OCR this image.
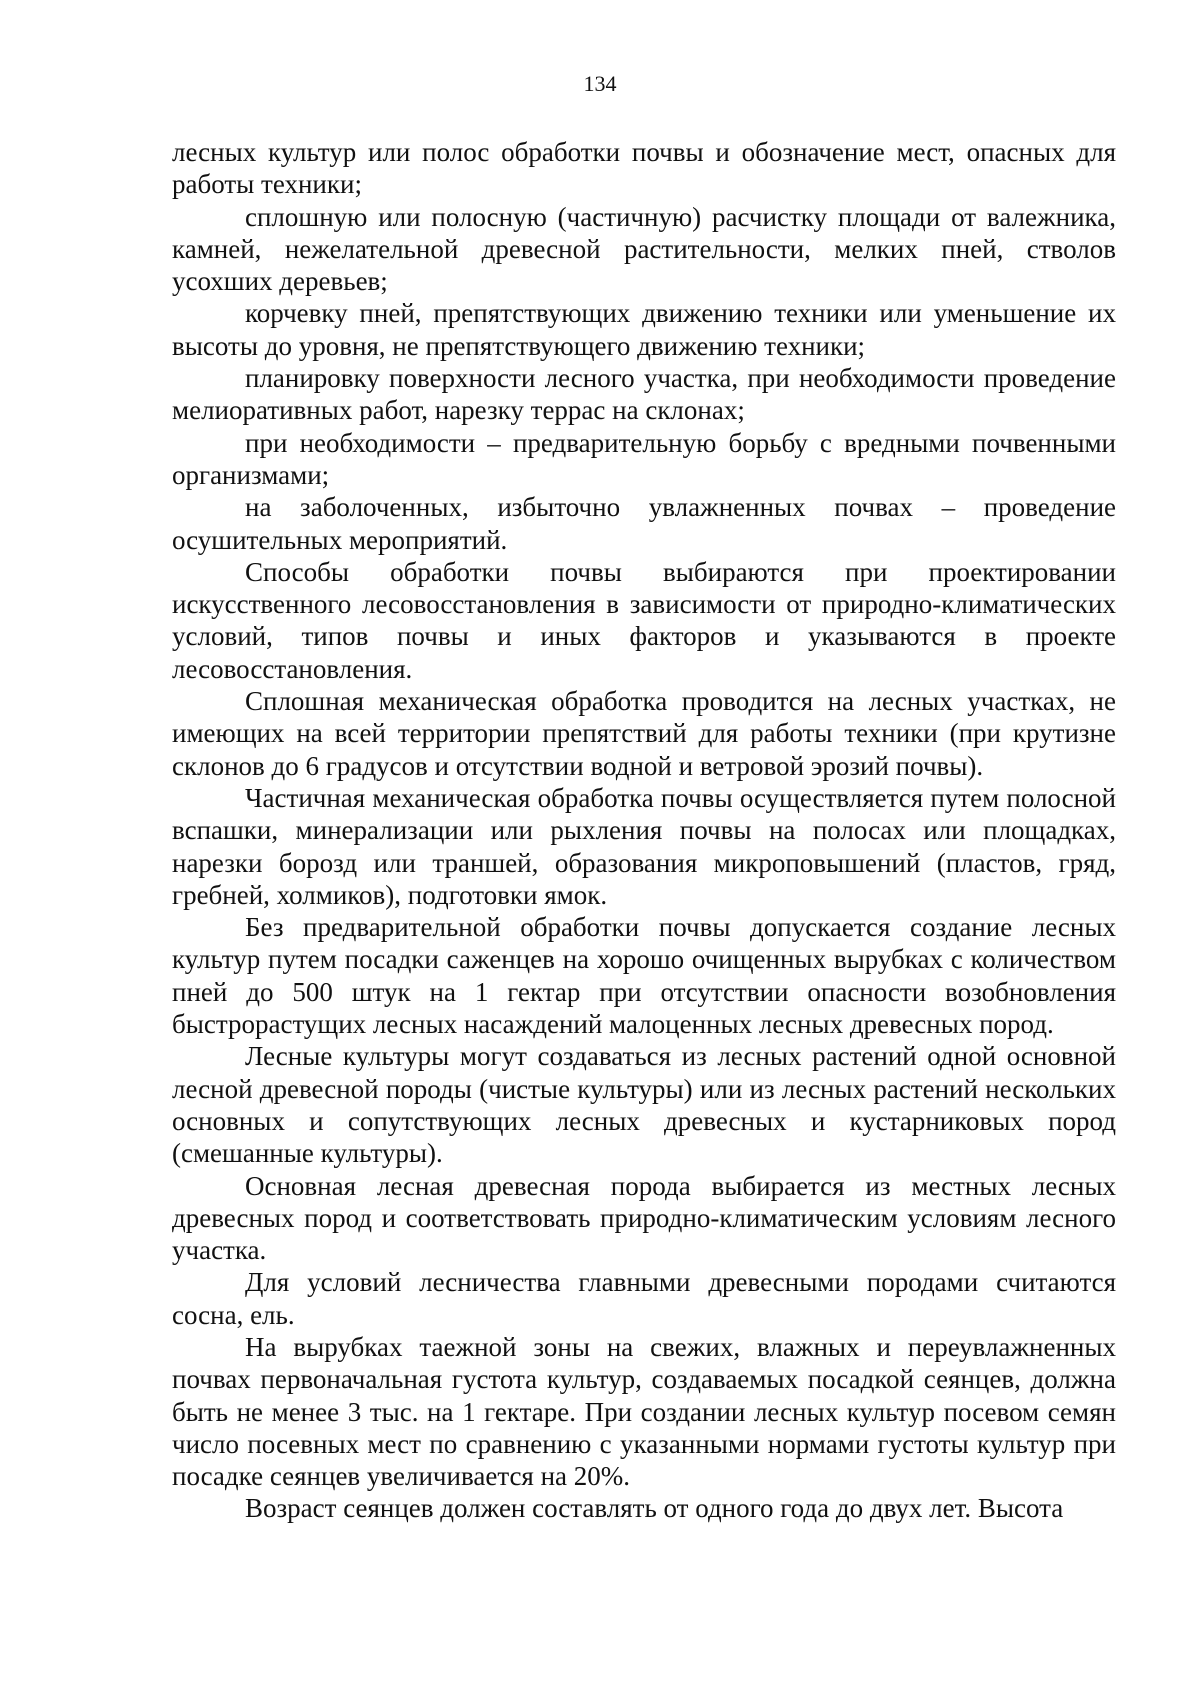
134

лесных культур или полос обработки почвы и обозначение мест, опасных для работы техники;

сплошную или полосную (частичную) расчистку площади от валежника, камней, нежелательной древесной растительности, мелких пней, стволов усохших деревьев;

корчевку пней, препятствующих движению техники или уменьшение их высоты до уровня, не препятствующего движению техники;

планировку поверхности лесного участка, при необходимости проведение мелиоративных работ, нарезку террас на склонах;

при необходимости – предварительную борьбу с вредными почвенными организмами;

на заболоченных, избыточно увлажненных почвах – проведение осушительных мероприятий.

Способы обработки почвы выбираются при проектировании искусственного лесовосстановления в зависимости от природно-климатических условий, типов почвы и иных факторов и указываются в проекте лесовосстановления.

Сплошная механическая обработка проводится на лесных участках, не имеющих на всей территории препятствий для работы техники (при крутизне склонов до 6 градусов и отсутствии водной и ветровой эрозий почвы).

Частичная механическая обработка почвы осуществляется путем полосной вспашки, минерализации или рыхления почвы на полосах или площадках, нарезки борозд или траншей, образования микроповышений (пластов, гряд, гребней, холмиков), подготовки ямок.

Без предварительной обработки почвы допускается создание лесных культур путем посадки саженцев на хорошо очищенных вырубках с количеством пней до 500 штук на 1 гектар при отсутствии опасности возобновления быстрорастущих лесных насаждений малоценных лесных древесных пород.

Лесные культуры могут создаваться из лесных растений одной основной лесной древесной породы (чистые культуры) или из лесных растений нескольких основных и сопутствующих лесных древесных и кустарниковых пород (смешанные культуры).

Основная лесная древесная порода выбирается из местных лесных древесных пород и соответствовать природно-климатическим условиям лесного участка.

Для условий лесничества главными древесными породами считаются сосна, ель.

На вырубках таежной зоны на свежих, влажных и переувлажненных почвах первоначальная густота культур, создаваемых посадкой сеянцев, должна быть не менее 3 тыс. на 1 гектаре. При создании лесных культур посевом семян число посевных мест по сравнению с указанными нормами густоты культур при посадке сеянцев увеличивается на 20%.

Возраст сеянцев должен составлять от одного года до двух лет. Высота
